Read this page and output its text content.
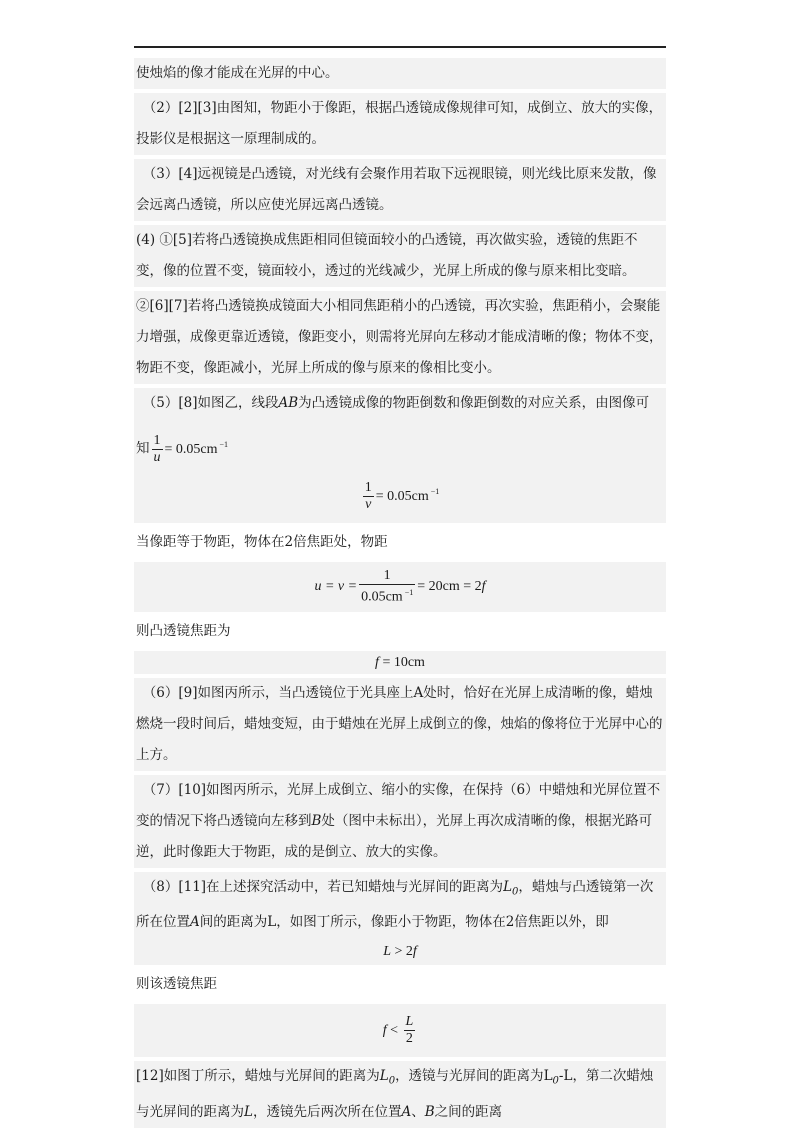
使烛焰的像才能成在光屏的中心。
（2）[2][3]由图知，物距小于像距，根据凸透镜成像规律可知，成倒立、放大的实像，投影仪是根据这一原理制成的。
（3）[4]远视镜是凸透镜，对光线有会聚作用若取下远视眼镜，则光线比原来发散，像会远离凸透镜，所以应使光屏远离凸透镜。
(4) ①[5]若将凸透镜换成焦距相同但镜面较小的凸透镜，再次做实验，透镜的焦距不变，像的位置不变，镜面较小，透过的光线减少，光屏上所成的像与原来相比变暗。
②[6][7]若将凸透镜换成镜面大小相同焦距稍小的凸透镜，再次实验，焦距稍小，会聚能力增强，成像更靠近透镜，像距变小，则需将光屏向左移动才能成清晰的像；物体不变，物距不变，像距减小，光屏上所成的像与原来的像相比变小。
（5）[8]如图乙，线段AB为凸透镜成像的物距倒数和像距倒数的对应关系，由图像可
知 $\frac{1}{u} = 0.05cm$ $^{-1}$
$\frac{1}{v} = 0.05cm$ $^{-1}$
当像距等于物距，物体在2倍焦距处，物距
$u = v = \frac{1}{0.05cm ^{-1}} = 20cm = 2f$
则凸透镜焦距为
f = 10cm
（6）[9]如图丙所示，当凸透镜位于光具座上A处时，恰好在光屏上成清晰的像，蜡烛燃烧一段时间后，蜡烛变短，由于蜡烛在光屏上成倒立的像，烛焰的像将位于光屏中心的上方。
（7）[10]如图丙所示，光屏上成倒立、缩小的实像，在保持（6）中蜡烛和光屏位置不变的情况下将凸透镜向左移到B处（图中未标出），光屏上再次成清晰的像，根据光路可逆，此时像距大于物距，成的是倒立、放大的实像。
（8）[11]在上述探究活动中，若已知蜡烛与光屏间的距离为$L_0$，蜡烛与凸透镜第一次所在位置A间的距离为L，如图丁所示，像距小于物距，物体在2倍焦距以外，即
L > 2f
则该透镜焦距
$f < \frac{L}{2}$
[12]如图丁所示，蜡烛与光屏间的距离为$L_0$，透镜与光屏间的距离为$L_0-L$，第二次蜡烛与光屏间的距离为L，透镜先后两次所在位置A、B之间的距离
